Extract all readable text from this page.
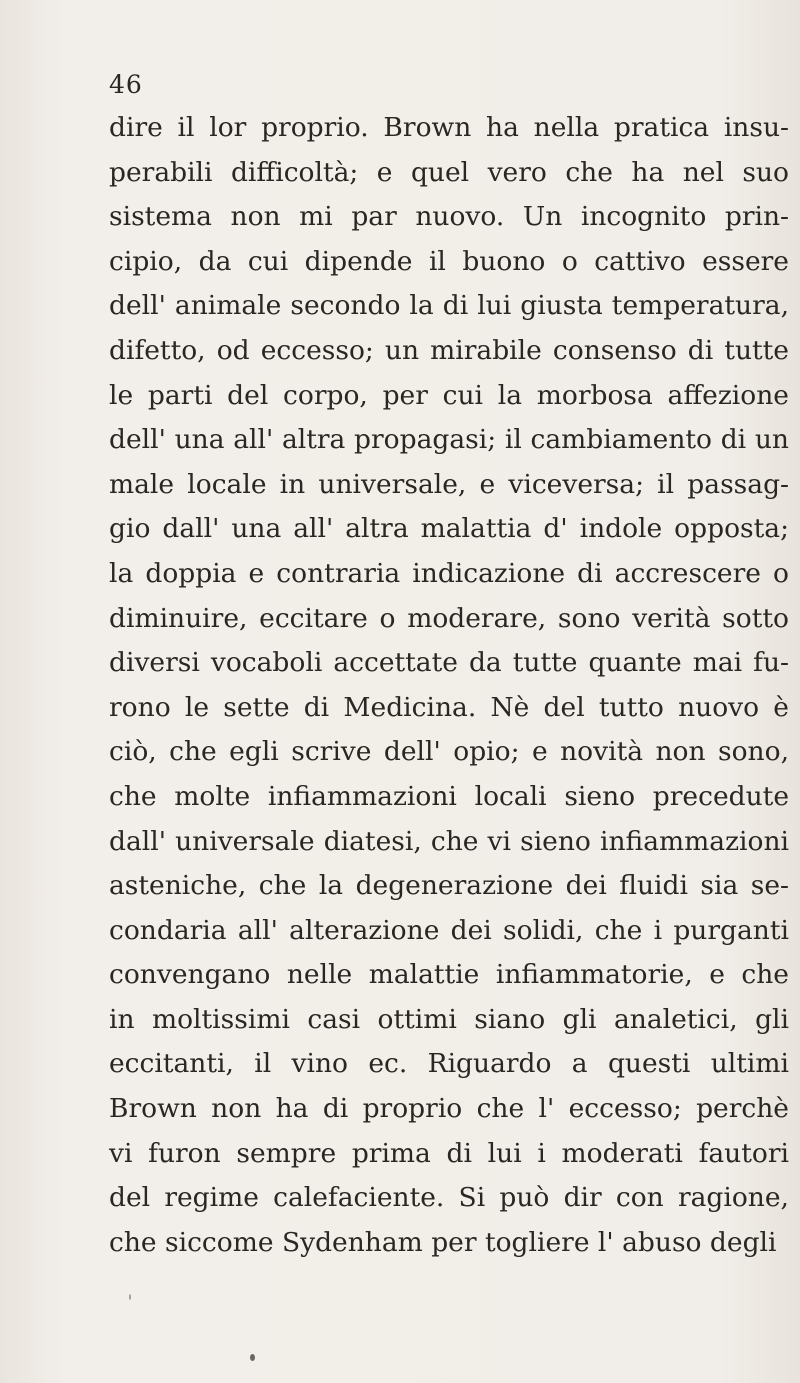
46
dire il lor proprio. Brown ha nella pratica insu-
perabili difficoltà; e quel vero che ha nel suo
sistema non mi par nuovo. Un incognito prin-
cipio, da cui dipende il buono o cattivo essere
dell' animale secondo la di lui giusta temperatura,
difetto, od eccesso; un mirabile consenso di tutte
le parti del corpo, per cui la morbosa affezione
dell' una all' altra propagasi; il cambiamento di un
male locale in universale, e viceversa; il passag-
gio dall' una all' altra malattia d' indole opposta;
la doppia e contraria indicazione di accrescere o
diminuire, eccitare o moderare, sono verità sotto
diversi vocaboli accettate da tutte quante mai fu-
rono le sette di Medicina. Nè del tutto nuovo è
ciò, che egli scrive dell' opio; e novità non sono,
che molte infiammazioni locali sieno precedute
dall' universale diatesi, che vi sieno infiammazioni
asteniche, che la degenerazione dei fluidi sia se-
condaria all' alterazione dei solidi, che i purganti
convengano nelle malattie infiammatorie, e che
in moltissimi casi ottimi siano gli analetici, gli
eccitanti, il vino ec. Riguardo a questi ultimi
Brown non ha di proprio che l' eccesso; perchè
vi furon sempre prima di lui i moderati fautori
del regime calefaciente. Si può dir con ragione,
che siccome Sydenham per togliere l' abuso degli
